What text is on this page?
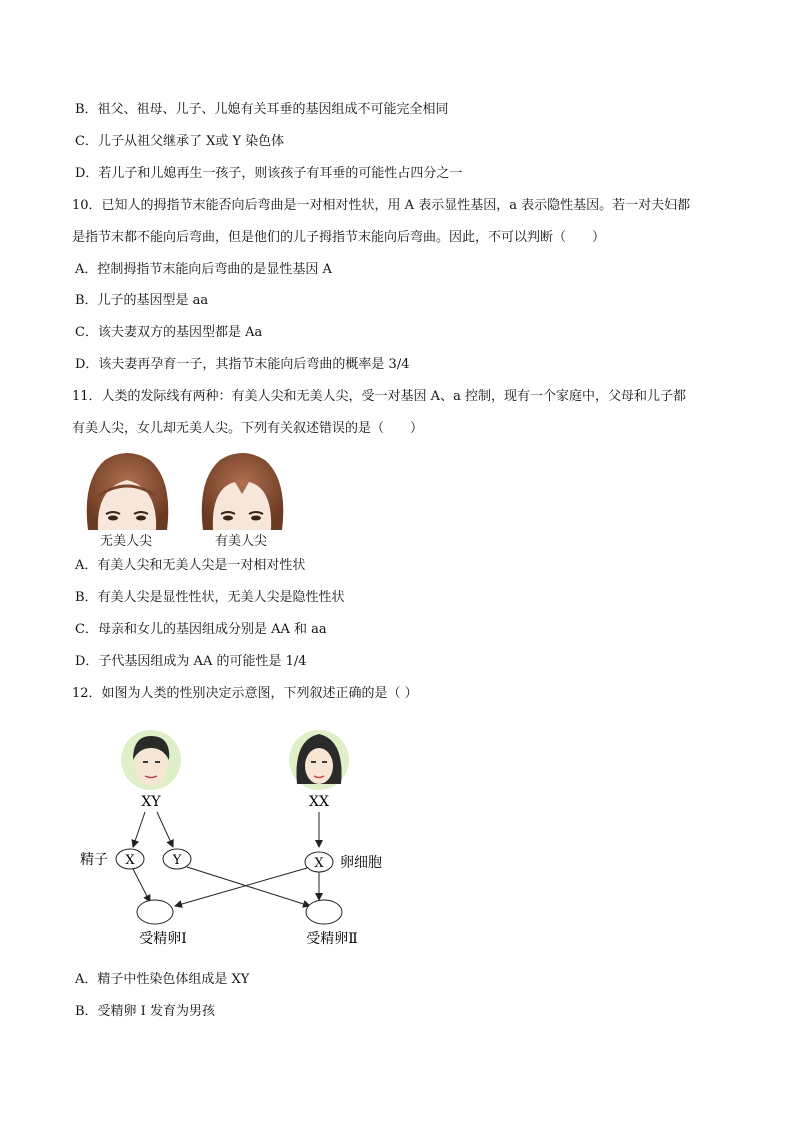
B．祖父、祖母、儿子、儿媳有关耳垂的基因组成不可能完全相同
C．儿子从祖父继承了 X或 Y 染色体
D．若儿子和儿媳再生一孩子，则该孩子有耳垂的可能性占四分之一
10．已知人的拇指节末能否向后弯曲是一对相对性状，用 A 表示显性基因，a 表示隐性基因。若一对夫妇都
是指节末都不能向后弯曲，但是他们的儿子拇指节末能向后弯曲。因此，不可以判断（　　）
A．控制拇指节末能向后弯曲的是显性基因 A
B．儿子的基因型是 aa
C．该夫妻双方的基因型都是 Aa
D．该夫妻再孕育一子，其指节末能向后弯曲的概率是 3/4
11．人类的发际线有两种：有美人尖和无美人尖，受一对基因 A、a 控制，现有一个家庭中，父母和儿子都
有美人尖，女儿却无美人尖。下列有关叙述错误的是（　　）
无美人尖	有美人尖
A．有美人尖和无美人尖是一对相对性状
B．有美人尖是显性性状，无美人尖是隐性性状
C．母亲和女儿的基因组成分别是 AA 和 aa
D．子代基因组成为 AA 的可能性是 1/4
12．如图为人类的性别决定示意图，下列叙述正确的是（ ）
XY	XX
精子 X	Y	X 卵细胞
受精卵Ⅰ	受精卵Ⅱ
A．精子中性染色体组成是 XY
B．受精卵 I 发育为男孩
